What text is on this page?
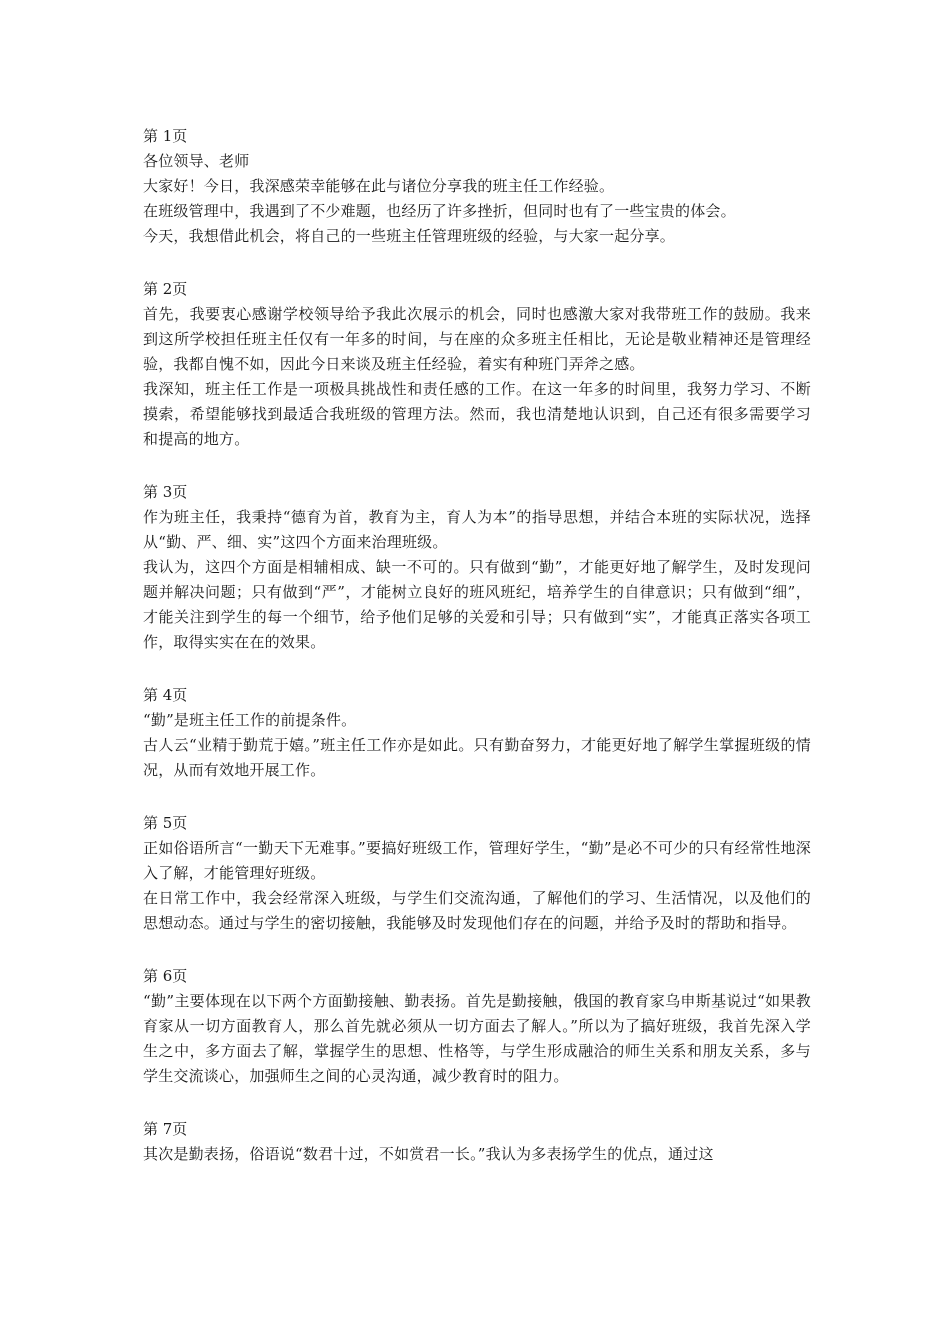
第 1页

各位领导、老师

大家好！今日，我深感荣幸能够在此与诸位分享我的班主任工作经验。

在班级管理中，我遇到了不少难题，也经历了许多挫折，但同时也有了一些宝贵的体会。

今天，我想借此机会，将自己的一些班主任管理班级的经验，与大家一起分享。

第 2页

首先，我要衷心感谢学校领导给予我此次展示的机会，同时也感激大家对我带班工作的鼓励。我来到这所学校担任班主任仅有一年多的时间，与在座的众多班主任相比，无论是敬业精神还是管理经验，我都自愧不如，因此今日来谈及班主任经验，着实有种班门弄斧之感。

我深知，班主任工作是一项极具挑战性和责任感的工作。在这一年多的时间里，我努力学习、不断摸索，希望能够找到最适合我班级的管理方法。然而，我也清楚地认识到，自己还有很多需要学习和提高的地方。

第 3页

作为班主任，我秉持“德育为首，教育为主，育人为本”的指导思想，并结合本班的实际状况，选择从“勤、严、细、实”这四个方面来治理班级。

我认为，这四个方面是相辅相成、缺一不可的。只有做到“勤”，才能更好地了解学生，及时发现问题并解决问题；只有做到“严”，才能树立良好的班风班纪，培养学生的自律意识；只有做到“细”，才能关注到学生的每一个细节，给予他们足够的关爱和引导；只有做到“实”，才能真正落实各项工作，取得实实在在的效果。

第 4页

“勤”是班主任工作的前提条件。

古人云“业精于勤荒于嬉。”班主任工作亦是如此。只有勤奋努力，才能更好地了解学生掌握班级的情况，从而有效地开展工作。

第 5页

正如俗语所言“一勤天下无难事。”要搞好班级工作，管理好学生，“勤”是必不可少的只有经常性地深入了解，才能管理好班级。

在日常工作中，我会经常深入班级，与学生们交流沟通，了解他们的学习、生活情况，以及他们的思想动态。通过与学生的密切接触，我能够及时发现他们存在的问题，并给予及时的帮助和指导。

第 6页

“勤”主要体现在以下两个方面勤接触、勤表扬。首先是勤接触，俄国的教育家乌申斯基说过“如果教育家从一切方面教育人，那么首先就必须从一切方面去了解人。”所以为了搞好班级，我首先深入学生之中，多方面去了解，掌握学生的思想、性格等，与学生形成融洽的师生关系和朋友关系，多与学生交流谈心，加强师生之间的心灵沟通，减少教育时的阻力。

第 7页

其次是勤表扬，俗语说“数君十过，不如赏君一长。”我认为多表扬学生的优点，通过这
